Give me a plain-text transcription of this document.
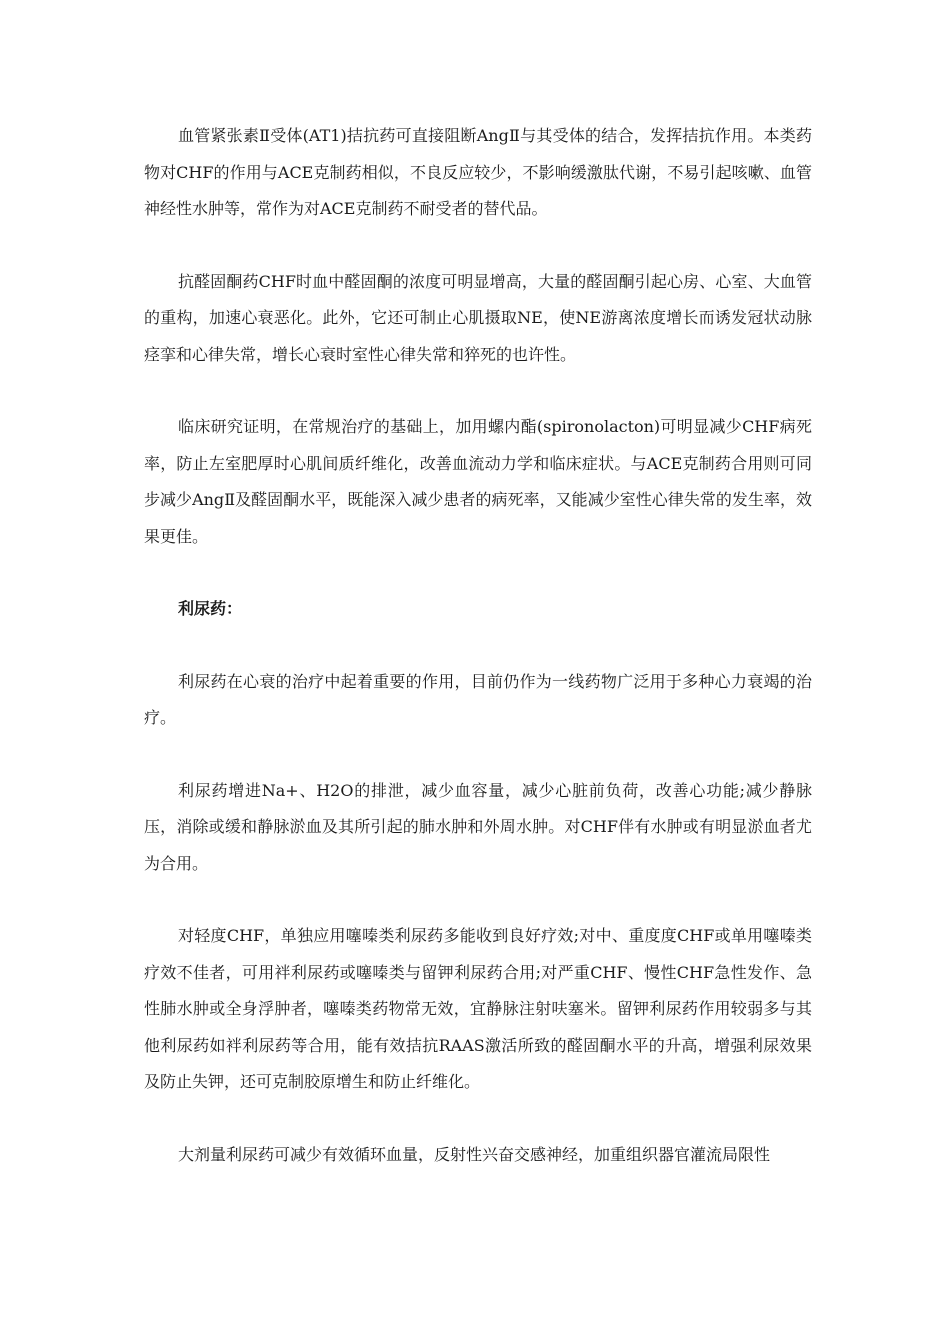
血管紧张素Ⅱ受体(AT1)拮抗药可直接阻断AngⅡ与其受体的结合，发挥拮抗作用。本类药物对CHF的作用与ACE克制药相似，不良反应较少，不影响缓激肽代谢，不易引起咳嗽、血管神经性水肿等，常作为对ACE克制药不耐受者的替代品。

抗醛固酮药CHF时血中醛固酮的浓度可明显增高，大量的醛固酮引起心房、心室、大血管的重构，加速心衰恶化。此外，它还可制止心肌摄取NE，使NE游离浓度增长而诱发冠状动脉痉挛和心律失常，增长心衰时室性心律失常和猝死的也许性。

临床研究证明，在常规治疗的基础上，加用螺内酯(spironolacton)可明显减少CHF病死率，防止左室肥厚时心肌间质纤维化，改善血流动力学和临床症状。与ACE克制药合用则可同步减少AngⅡ及醛固酮水平，既能深入减少患者的病死率，又能减少室性心律失常的发生率，效果更佳。

利尿药：

利尿药在心衰的治疗中起着重要的作用，目前仍作为一线药物广泛用于多种心力衰竭的治疗。

利尿药增进Na+、H2O的排泄，减少血容量，减少心脏前负荷，改善心功能;减少静脉压，消除或缓和静脉淤血及其所引起的肺水肿和外周水肿。对CHF伴有水肿或有明显淤血者尤为合用。

对轻度CHF，单独应用噻嗪类利尿药多能收到良好疗效;对中、重度度CHF或单用噻嗪类疗效不佳者，可用袢利尿药或噻嗪类与留钾利尿药合用;对严重CHF、慢性CHF急性发作、急性肺水肿或全身浮肿者，噻嗪类药物常无效，宜静脉注射呋塞米。留钾利尿药作用较弱多与其他利尿药如袢利尿药等合用，能有效拮抗RAAS激活所致的醛固酮水平的升高，增强利尿效果及防止失钾，还可克制胶原增生和防止纤维化。

大剂量利尿药可减少有效循环血量，反射性兴奋交感神经，加重组织器官灌流局限性
